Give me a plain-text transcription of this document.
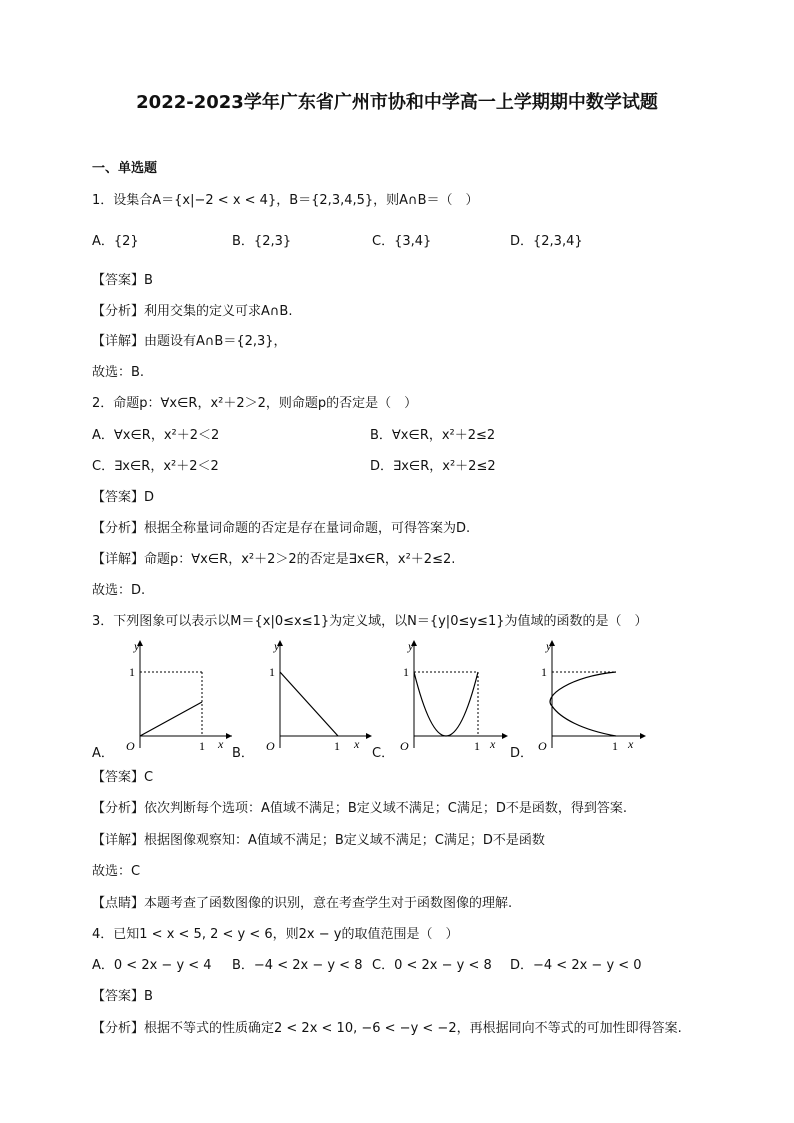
2022-2023学年广东省广州市协和中学高一上学期期中数学试题
一、单选题
1．设集合A＝{x|−2 < x < 4}，B＝{2,3,4,5}，则A∩B＝（　）
A．{2}	B．{2,3}	C．{3,4}	D．{2,3,4}
【答案】B
【分析】利用交集的定义可求A∩B.
【详解】由题设有A∩B＝{2,3}，
故选：B.
2．命题p：∀x∈R，x²＋2＞2，则命题p的否定是（　）
A．∀x∈R，x²＋2＜2	B．∀x∈R，x²＋2≤2
C．∃x∈R，x²＋2＜2	D．∃x∈R，x²＋2≤2
【答案】D
【分析】根据全称量词命题的否定是存在量词命题，可得答案为D.
【详解】命题p：∀x∈R，x²＋2＞2的否定是∃x∈R，x²＋2≤2.
故选：D.
3．下列图象可以表示以M＝{x|0≤x≤1}为定义域，以N＝{y|0≤y≤1}为值域的函数的是（　）
A．
y
1
O	1 x
B．
y
1
O	1 x
C．
y
1
O	1 x
D．
y
1
O	1 x
【答案】C
【分析】依次判断每个选项：A值域不满足；B定义域不满足；C满足；D不是函数，得到答案.
【详解】根据图像观察知：A值域不满足；B定义域不满足；C满足；D不是函数
故选：C
【点睛】本题考查了函数图像的识别，意在考查学生对于函数图像的理解.
4．已知1 < x < 5, 2 < y < 6，则2x − y的取值范围是（　）
A．0 < 2x − y < 4 B．−4 < 2x − y < 8 C．0 < 2x − y < 8 D．−4 < 2x − y < 0
【答案】B
【分析】根据不等式的性质确定2 < 2x < 10, −6 < −y < −2，再根据同向不等式的可加性即得答案.
